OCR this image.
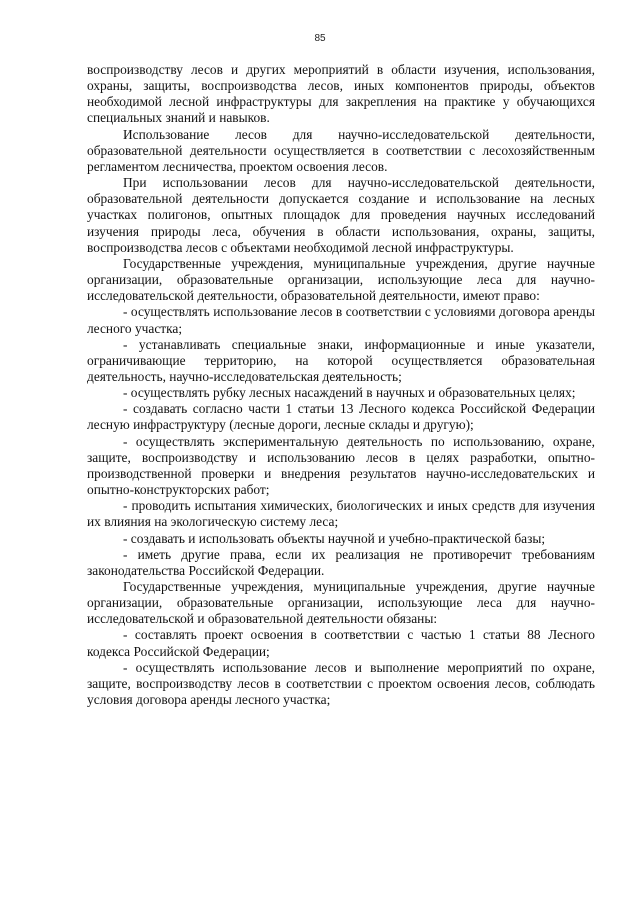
85

воспроизводству лесов и других мероприятий в области изучения, использования, охраны, защиты, воспроизводства лесов, иных компонентов природы, объектов необходимой лесной инфраструктуры для закрепления на практике у обучающихся специальных знаний и навыков.

Использование лесов для научно-исследовательской деятельности, образовательной деятельности осуществляется в соответствии с лесохозяйственным регламентом лесничества, проектом освоения лесов.

При использовании лесов для научно-исследовательской деятельности, образовательной деятельности допускается создание и использование на лесных участках полигонов, опытных площадок для проведения научных исследований изучения природы леса, обучения в области использования, охраны, защиты, воспроизводства лесов с объектами необходимой лесной инфраструктуры.

Государственные учреждения, муниципальные учреждения, другие научные организации, образовательные организации, использующие леса для научно-исследовательской деятельности, образовательной деятельности, имеют право:

- осуществлять использование лесов в соответствии с условиями договора аренды лесного участка;

- устанавливать специальные знаки, информационные и иные указатели, ограничивающие территорию, на которой осуществляется образовательная деятельность, научно-исследовательская деятельность;

- осуществлять рубку лесных насаждений в научных и образовательных целях;

- создавать согласно части 1 статьи 13 Лесного кодекса Российской Федерации лесную инфраструктуру (лесные дороги, лесные склады и другую);

- осуществлять экспериментальную деятельность по использованию, охране, защите, воспроизводству и использованию лесов в целях разработки, опытно-производственной проверки и внедрения результатов научно-исследовательских и опытно-конструкторских работ;

- проводить испытания химических, биологических и иных средств для изучения их влияния на экологическую систему леса;

- создавать и использовать объекты научной и учебно-практической базы;

- иметь другие права, если их реализация не противоречит требованиям законодательства Российской Федерации.

Государственные учреждения, муниципальные учреждения, другие научные организации, образовательные организации, использующие леса для научно-исследовательской и образовательной деятельности обязаны:

- составлять проект освоения в соответствии с частью 1 статьи 88 Лесного кодекса Российской Федерации;

- осуществлять использование лесов и выполнение мероприятий по охране, защите, воспроизводству лесов в соответствии с проектом освоения лесов, соблюдать условия договора аренды лесного участка;
